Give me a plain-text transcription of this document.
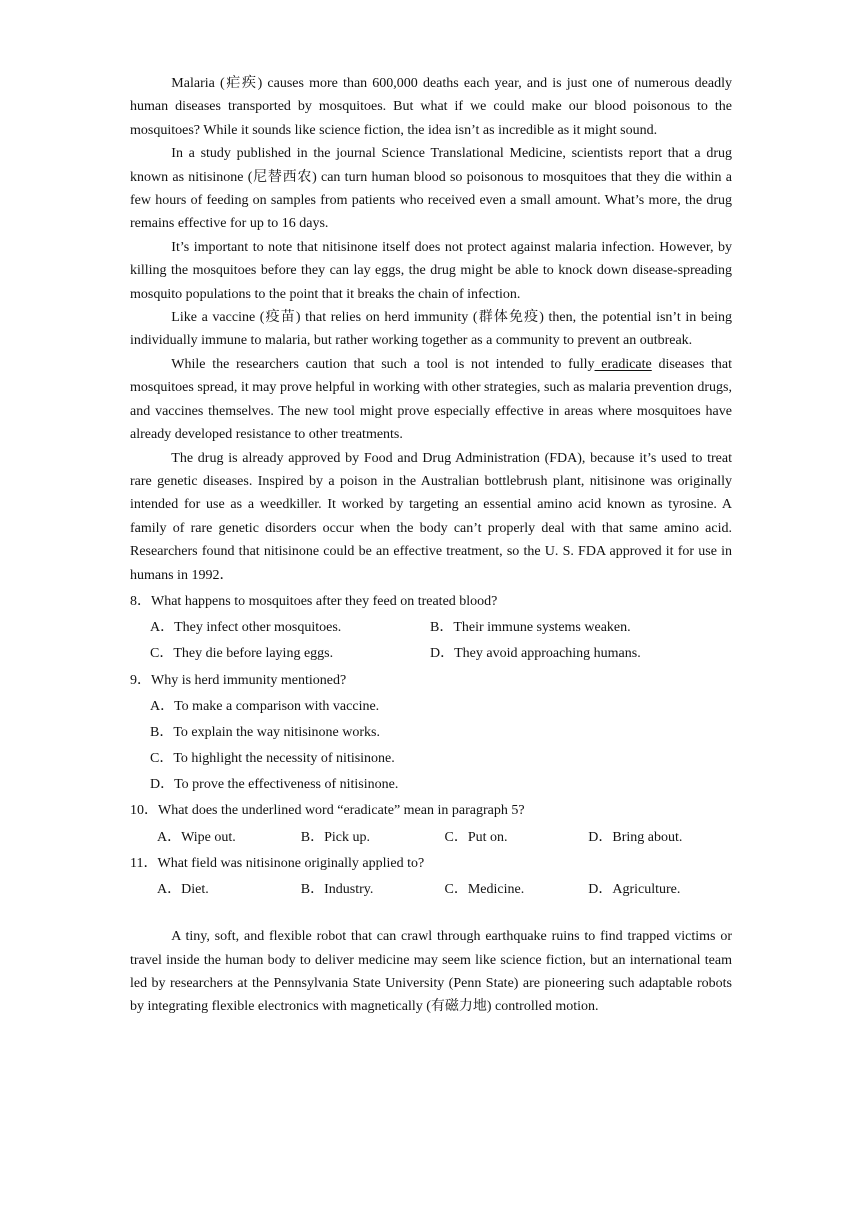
Malaria (疟疾) causes more than 600,000 deaths each year, and is just one of numerous deadly human diseases transported by mosquitoes. But what if we could make our blood poisonous to the mosquitoes? While it sounds like science fiction, the idea isn’t as incredible as it might sound.

In a study published in the journal Science Translational Medicine, scientists report that a drug known as nitisinone (尼替西农) can turn human blood so poisonous to mosquitoes that they die within a few hours of feeding on samples from patients who received even a small amount. What’s more, the drug remains effective for up to 16 days.

It’s important to note that nitisinone itself does not protect against malaria infection. However, by killing the mosquitoes before they can lay eggs, the drug might be able to knock down disease-spreading mosquito populations to the point that it breaks the chain of infection.

Like a vaccine (疫苗) that relies on herd immunity (群体免疫) then, the potential isn’t in being individually immune to malaria, but rather working together as a community to prevent an outbreak.

While the researchers caution that such a tool is not intended to fully eradicate diseases that mosquitoes spread, it may prove helpful in working with other strategies, such as malaria prevention drugs, and vaccines themselves. The new tool might prove especially effective in areas where mosquitoes have already developed resistance to other treatments.

The drug is already approved by Food and Drug Administration (FDA), because it’s used to treat rare genetic diseases. Inspired by a poison in the Australian bottlebrush plant, nitisinone was originally intended for use as a weedkiller. It worked by targeting an essential amino acid known as tyrosine. A family of rare genetic disorders occur when the body can’t properly deal with that same amino acid. Researchers found that nitisinone could be an effective treatment, so the U. S. FDA approved it for use in humans in 1992．

8．What happens to mosquitoes after they feed on treated blood?

A．They infect other mosquitoes.	B．Their immune systems weaken.
C．They die before laying eggs.	D．They avoid approaching humans.

9．Why is herd immunity mentioned?

A．To make a comparison with vaccine.
B．To explain the way nitisinone works.
C．To highlight the necessity of nitisinone.
D．To prove the effectiveness of nitisinone.

10．What does the underlined word “eradicate” mean in paragraph 5?

A．Wipe out.	B．Pick up.	C．Put on.	D．Bring about.

11．What field was nitisinone originally applied to?

A．Diet.	B．Industry.	C．Medicine.	D．Agriculture.

A tiny, soft, and flexible robot that can crawl through earthquake ruins to find trapped victims or travel inside the human body to deliver medicine may seem like science fiction, but an international team led by researchers at the Pennsylvania State University (Penn State) are pioneering such adaptable robots by integrating flexible electronics with magnetically (有磁力地) controlled motion.
